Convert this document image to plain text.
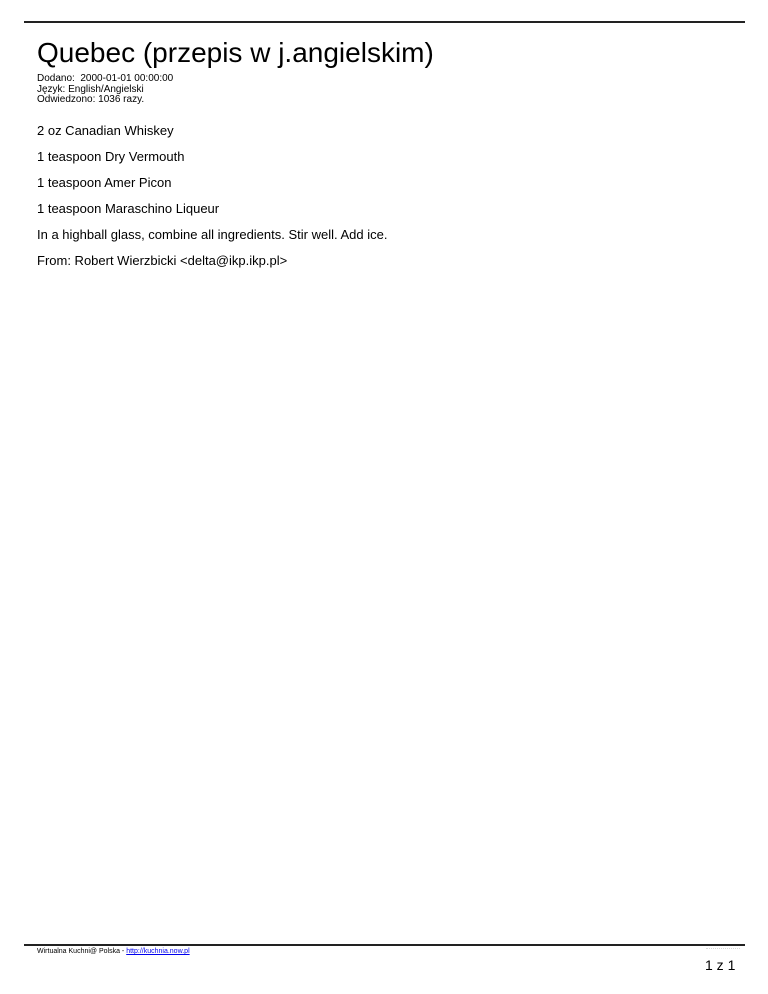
Quebec (przepis w j.angielskim)
Dodano:  2000-01-01 00:00:00
Język: English/Angielski
Odwiedzono: 1036 razy.

2 oz Canadian Whiskey

1 teaspoon Dry Vermouth

1 teaspoon Amer Picon

1 teaspoon Maraschino Liqueur

In a highball glass, combine all ingredients. Stir well. Add ice.

From: Robert Wierzbicki <delta@ikp.ikp.pl>

Wirtualna Kuchni@ Polska - http://kuchnia.now.pl
1 z 1
